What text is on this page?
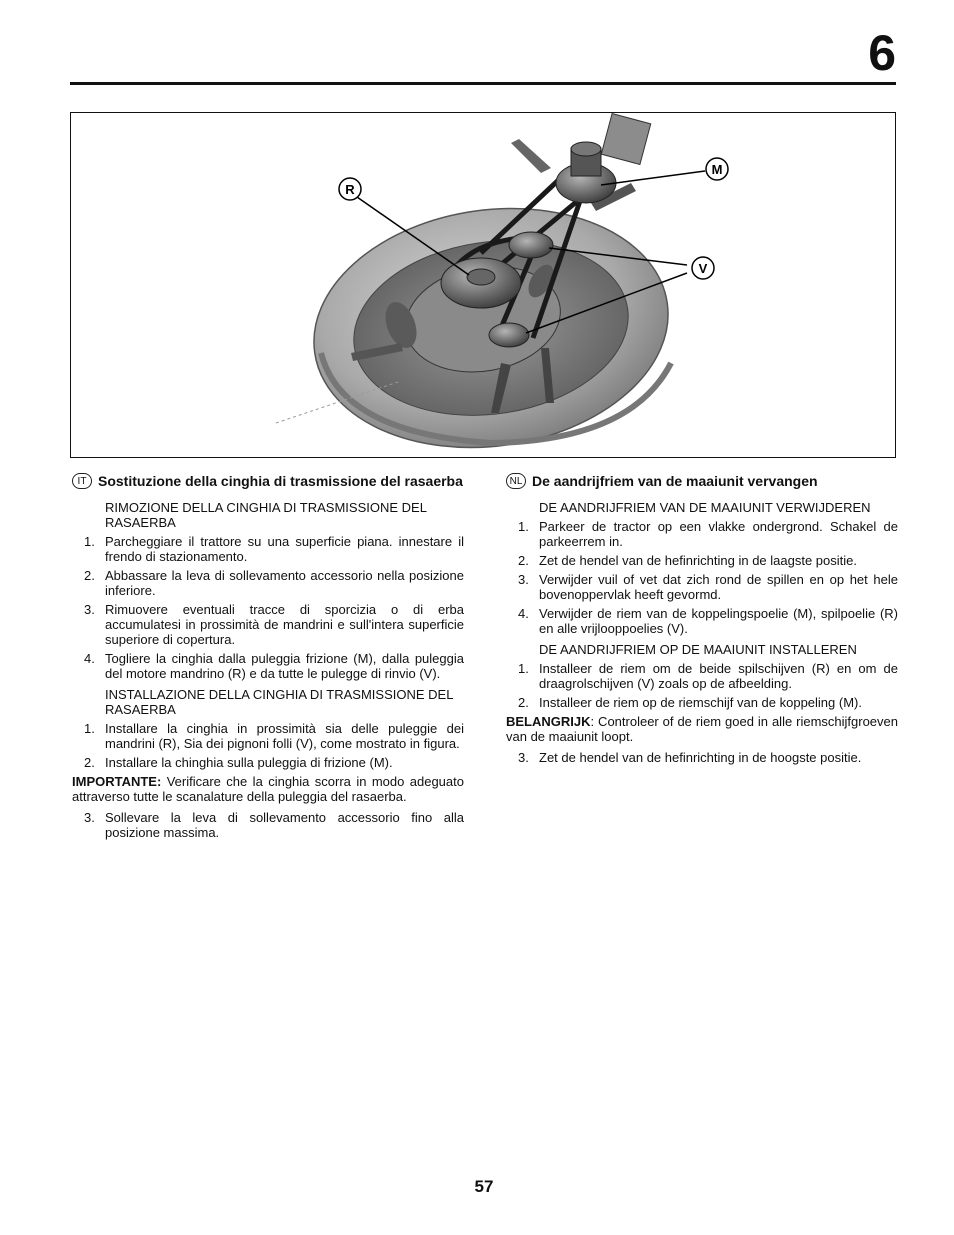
6
R
M
V
IT Sostituzione della cinghia di trasmissione del rasaerba
RIMOZIONE DELLA CINGHIA DI TRASMISSIONE DEL RASAERBA
1. Parcheggiare il trattore su una superficie piana. innestare il frendo di stazionamento.
2. Abbassare la leva di sollevamento accessorio nella posizione inferiore.
3. Rimuovere eventuali tracce di sporcizia o di erba accumulatesi in prossimità de mandrini e sull'intera superficie superiore di copertura.
4. Togliere la cinghia dalla puleggia frizione (M), dalla puleggia del motore mandrino (R) e da tutte le pulegge di rinvio (V).
INSTALLAZIONE DELLA CINGHIA DI TRASMISSIONE DEL RASAERBA
1. Installare la cinghia in prossimità sia delle puleggie dei mandrini (R), Sia dei pignoni folli (V), come mostrato in figura.
2. Installare la chinghia sulla puleggia di frizione (M).
IMPORTANTE: Verificare che la cinghia scorra in modo adeguato attraverso tutte le scanalature della puleggia del rasaerba.
3. Sollevare la leva di sollevamento accessorio fino alla posizione massima.
NL De aandrijfriem van de maaiunit vervangen
DE AANDRIJFRIEM VAN DE MAAIUNIT VERWIJDEREN
1. Parkeer de tractor op een vlakke ondergrond. Schakel de parkeerrem in.
2. Zet de hendel van de hefinrichting in de laagste positie.
3. Verwijder vuil of vet dat zich rond de spillen en op het hele bovenoppervlak heeft gevormd.
4. Verwijder de riem van de koppelingspoelie (M), spilpoelie (R) en alle vrijlooppoelies (V).
DE AANDRIJFRIEM OP DE MAAIUNIT INSTALLEREN
1. Installeer de riem om de beide spilschijven (R) en om de draagrolschijven (V) zoals op de afbeelding.
2. Installeer de riem op de riemschijf van de koppeling (M).
BELANGRIJK: Controleer of de riem goed in alle riemschijfgroeven van de maaiunit loopt.
3. Zet de hendel van de hefinrichting in de hoogste positie.
57
